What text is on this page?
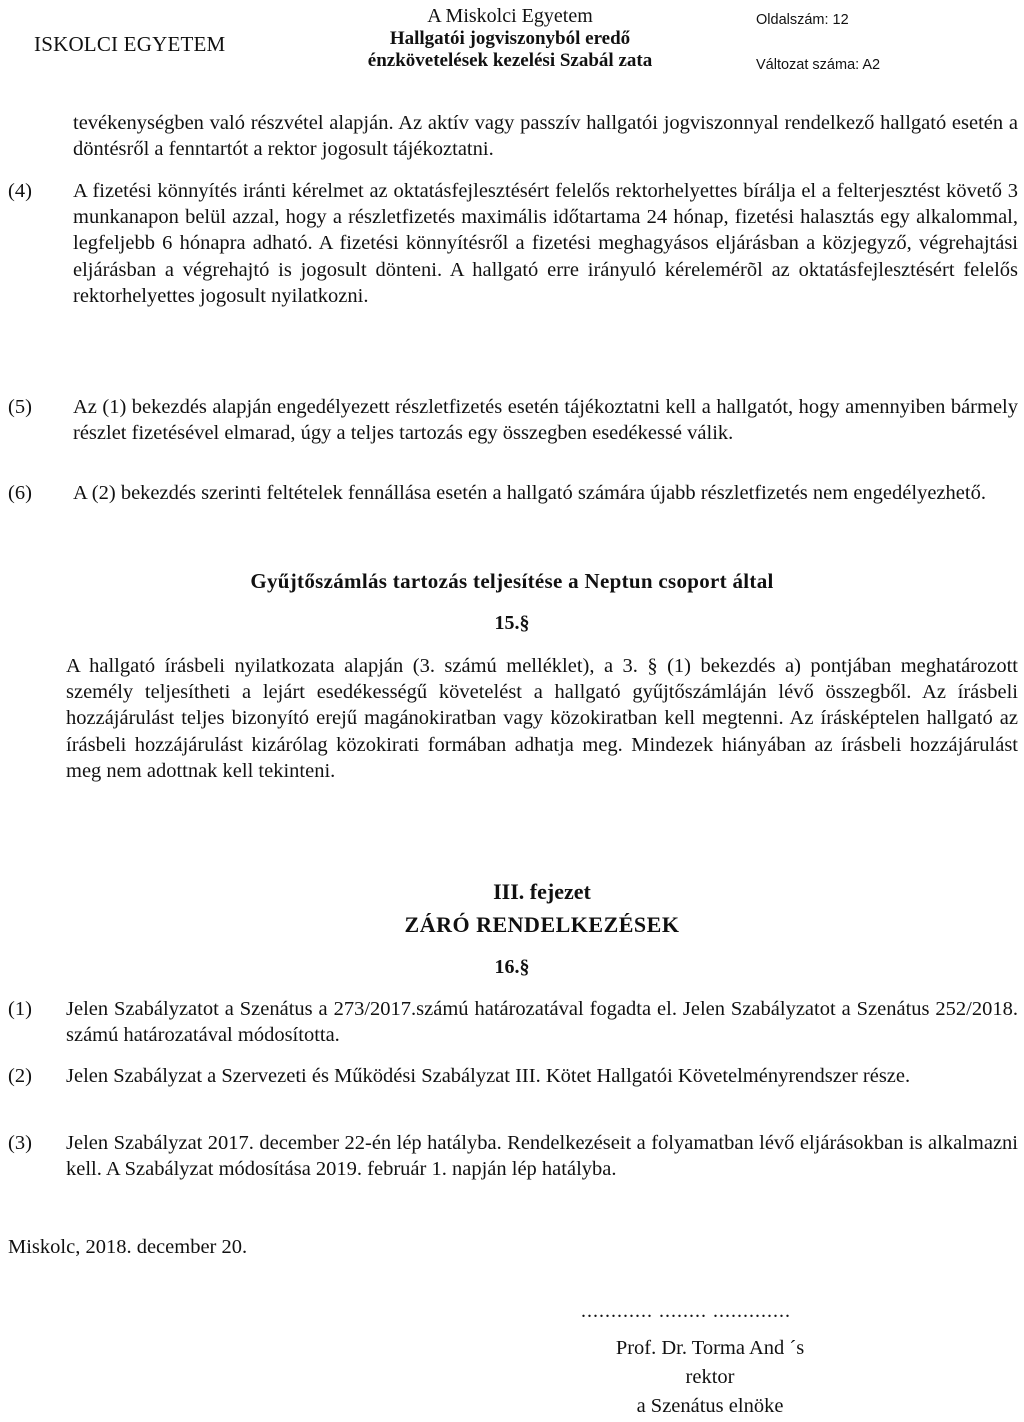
ISKOLCI EGYETEM
A Miskolci Egyetem
Hallgatói jogviszonyból eredő
énzkövetelések kezelési Szabál zata
Oldalszám: 12
Változat száma: A2
tevékenységben való részvétel alapján. Az aktív vagy passzív hallgatói jogviszonnyal rendelkező hallgató esetén a döntésről a fenntartót a rektor jogosult tájékoztatni.
(4) A fizetési könnyítés iránti kérelmet az oktatásfejlesztésért felelős rektorhelyettes bírálja el a felterjesztést követő 3 munkanapon belül azzal, hogy a részletfizetés maximális időtartama 24 hónap, fizetési halasztás egy alkalommal, legfeljebb 6 hónapra adható. A fizetési könnyítésről a fizetési meghagyásos eljárásban a közjegyző, végrehajtási eljárásban a végrehajtó is jogosult dönteni. A hallgató erre irányuló kérelemérõl az oktatásfejlesztésért felelős rektorhelyettes jogosult nyilatkozni.
(5) Az (1) bekezdés alapján engedélyezett részletfizetés esetén tájékoztatni kell a hallgatót, hogy amennyiben bármely részlet fizetésével elmarad, úgy a teljes tartozás egy összegben esedékessé válik.
(6) A (2) bekezdés szerinti feltételek fennállása esetén a hallgató számára újabb részletfizetés nem engedélyezhető.
Gyűjtőszámlás tartozás teljesítése a Neptun csoport által
15.§
A hallgató írásbeli nyilatkozata alapján (3. számú melléklet), a 3. § (1) bekezdés a) pontjában meghatározott személy teljesítheti a lejárt esedékességű követelést a hallgató gyűjtőszámláján lévő összegből. Az írásbeli hozzájárulást teljes bizonyító erejű magánokiratban vagy közokiratban kell megtenni. Az írásképtelen hallgató az írásbeli hozzájárulást kizárólag közokirati formában adhatja meg. Mindezek hiányában az írásbeli hozzájárulást meg nem adottnak kell tekinteni.
III. fejezet
ZÁRÓ RENDELKEZÉSEK
16.§
(1) Jelen Szabályzatot a Szenátus a 273/2017.számú határozatával fogadta el. Jelen Szabályzatot a Szenátus 252/2018. számú határozatával módosította.
(2) Jelen Szabályzat a Szervezeti és Működési Szabályzat III. Kötet Hallgatói Követelményrendszer része.
(3) Jelen Szabályzat 2017. december 22-én lép hatályba. Rendelkezéseit a folyamatban lévő eljárásokban is alkalmazni kell. A Szabályzat módosítása 2019. február 1. napján lép hatályba.
Miskolc, 2018. december 20.
............ ........ .............
Prof. Dr. Torma And ´s
rektor
a Szenátus elnöke
